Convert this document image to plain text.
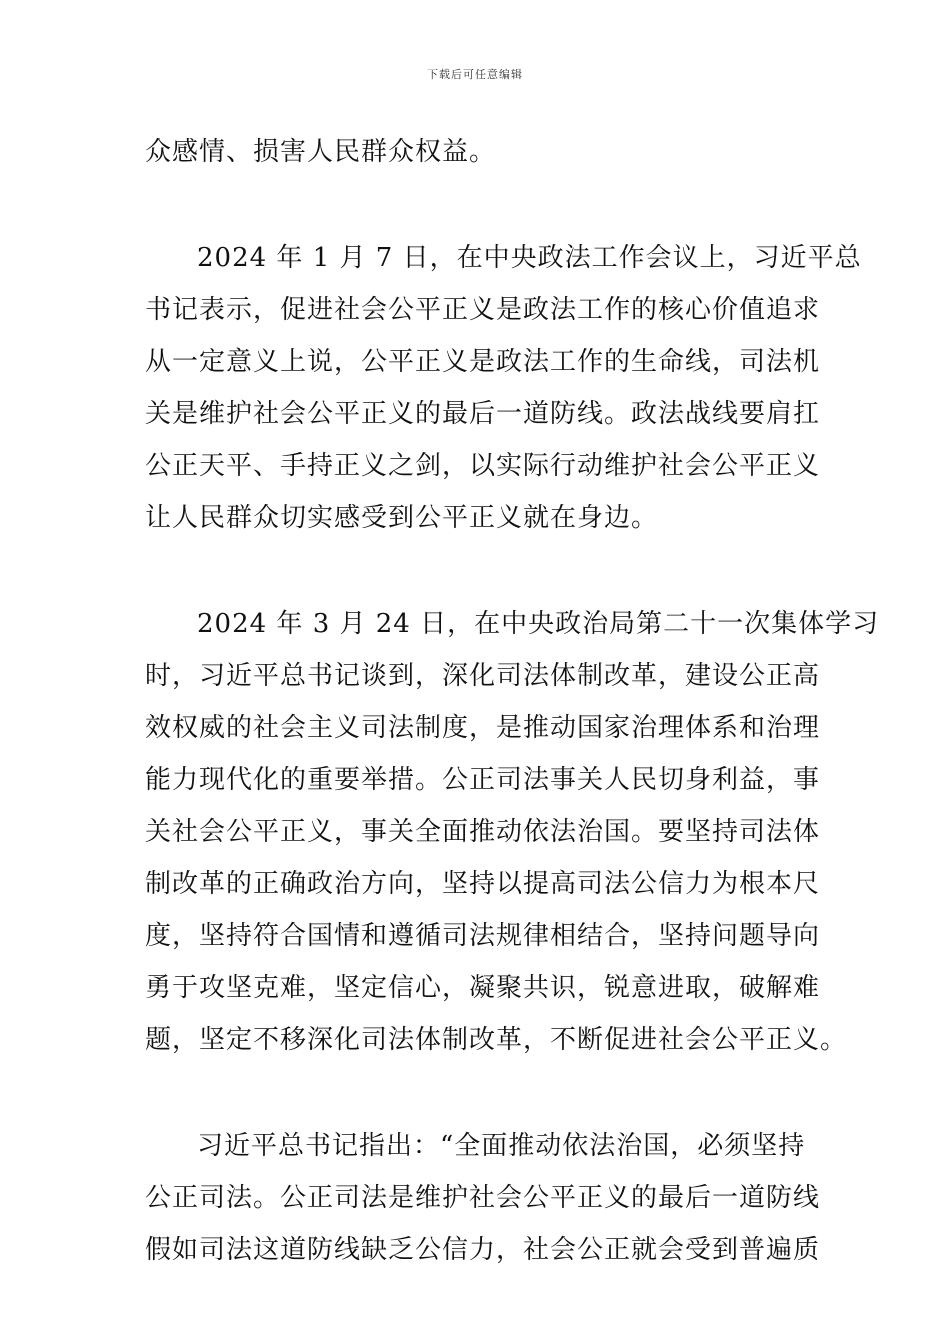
下载后可任意编辑
众感情、损害人民群众权益。
2024 年 1 月 7 日，在中央政法工作会议上，习近平总
书记表示，促进社会公平正义是政法工作的核心价值追求
从一定意义上说，公平正义是政法工作的生命线，司法机
关是维护社会公平正义的最后一道防线。政法战线要肩扛
公正天平、手持正义之剑，以实际行动维护社会公平正义
让人民群众切实感受到公平正义就在身边。
2024 年 3 月 24 日，在中央政治局第二十一次集体学习
时，习近平总书记谈到，深化司法体制改革，建设公正高
效权威的社会主义司法制度，是推动国家治理体系和治理
能力现代化的重要举措。公正司法事关人民切身利益，事
关社会公平正义，事关全面推动依法治国。要坚持司法体
制改革的正确政治方向，坚持以提高司法公信力为根本尺
度，坚持符合国情和遵循司法规律相结合，坚持问题导向
勇于攻坚克难，坚定信心，凝聚共识，锐意进取，破解难
题，坚定不移深化司法体制改革，不断促进社会公平正义。
习近平总书记指出：“全面推动依法治国，必须坚持
公正司法。公正司法是维护社会公平正义的最后一道防线
假如司法这道防线缺乏公信力，社会公正就会受到普遍质
